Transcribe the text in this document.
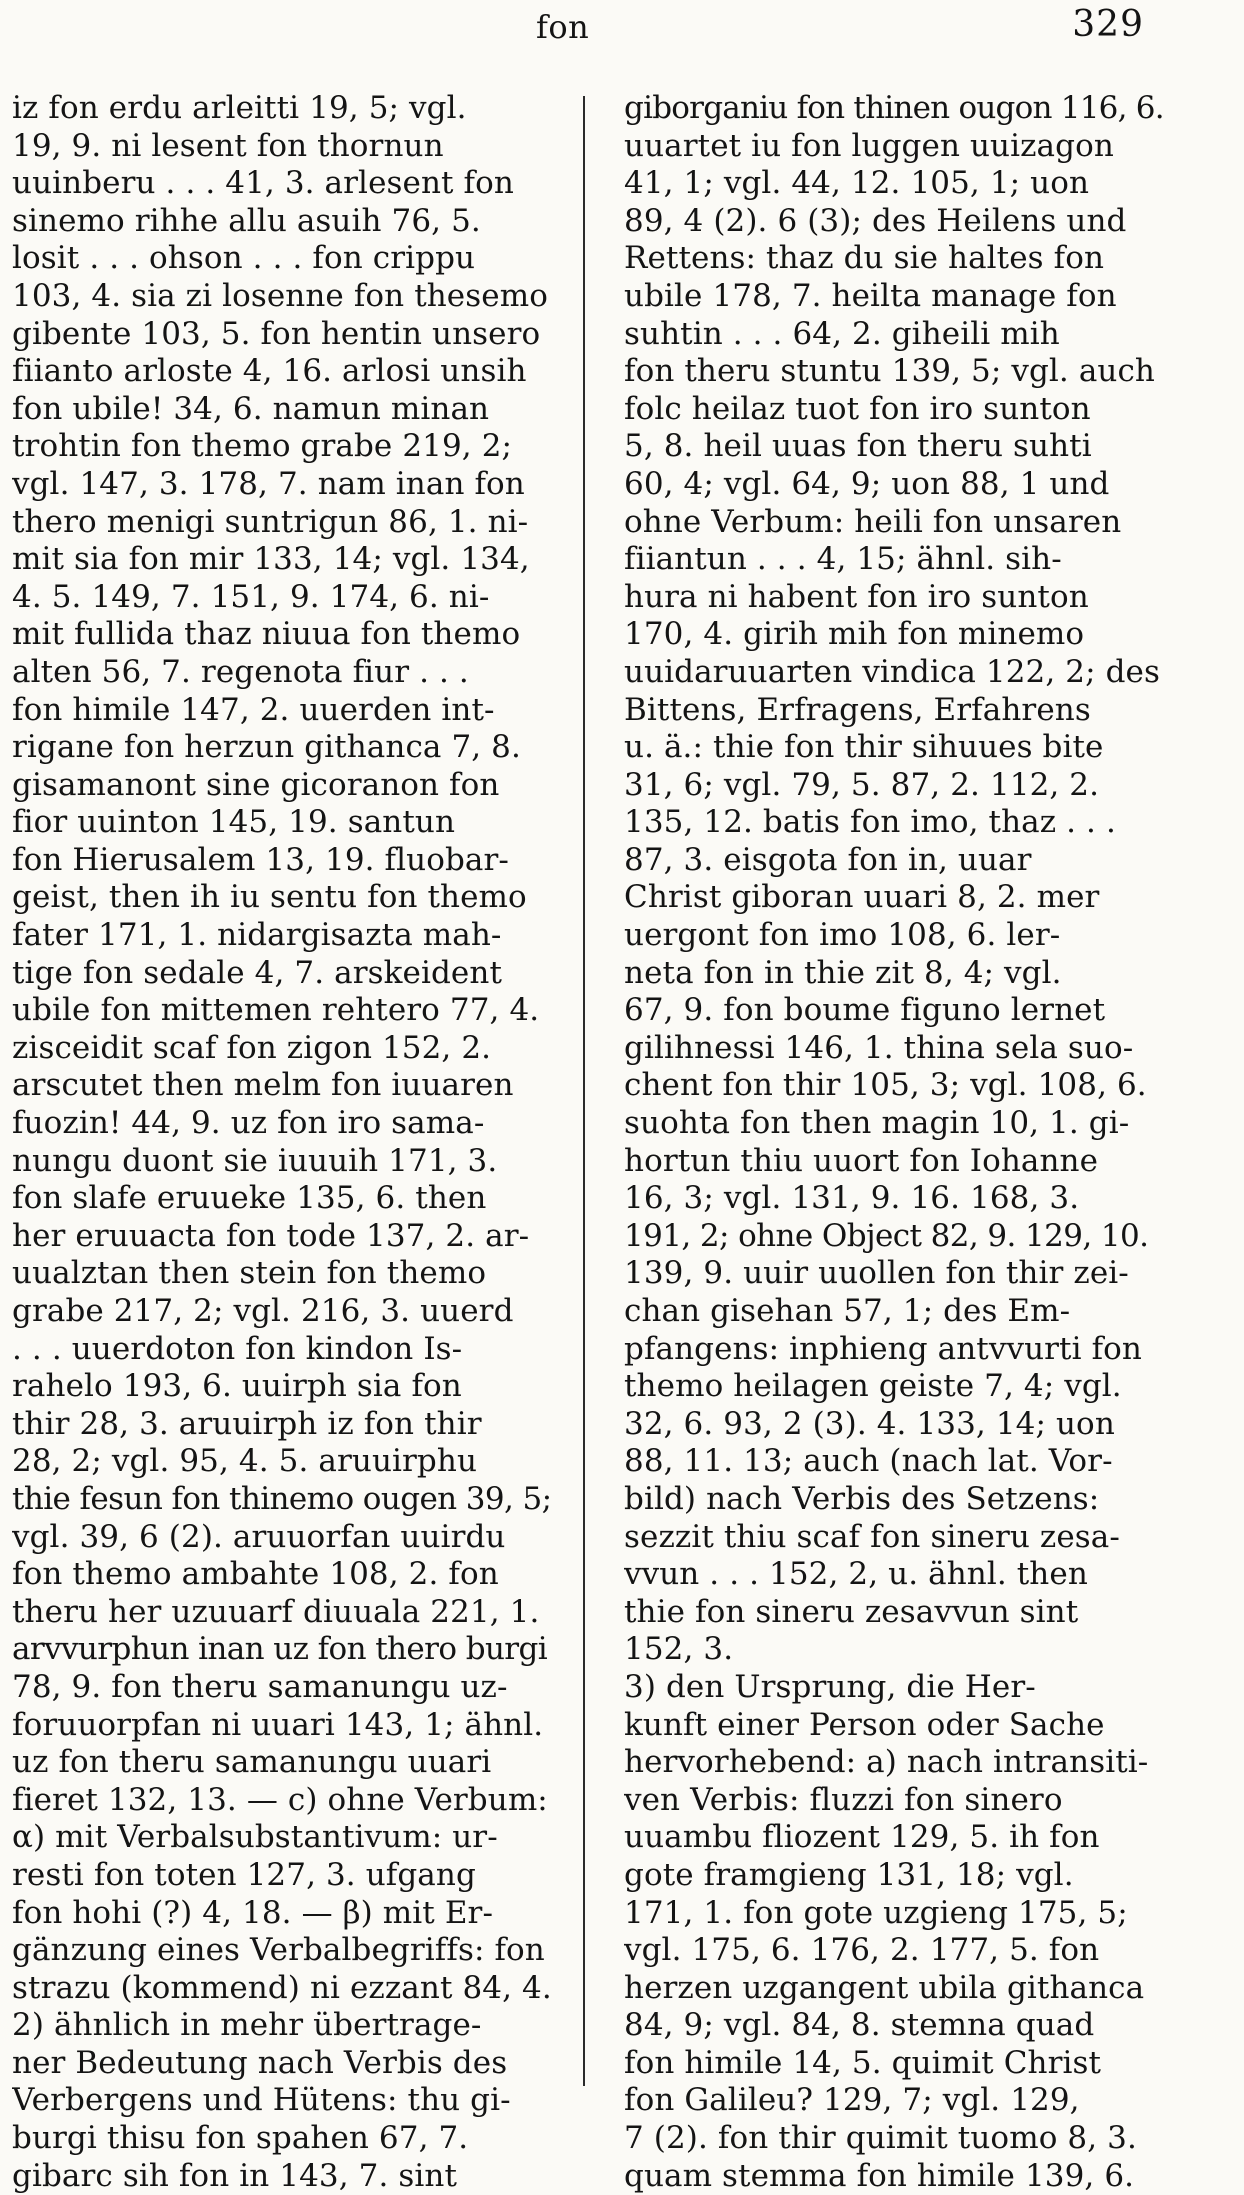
fon	329
iz fon erdu arleitti 19, 5; vgl.
19, 9. ni lesent fon thornun
uuinberu . . . 41, 3. arlesent fon
sinemo rihhe allu asuih 76, 5.
losit . . . ohson . . . fon crippu
103, 4. sia zi losenne fon thesemo
gibente 103, 5. fon hentin unsero
fiianto arloste 4, 16. arlosi unsih
fon ubile! 34, 6. namun minan
trohtin fon themo grabe 219, 2;
vgl. 147, 3. 178, 7. nam inan fon
thero menigi suntrigun 86, 1. ni-
mit sia fon mir 133, 14; vgl. 134,
4. 5. 149, 7. 151, 9. 174, 6. ni-
mit fullida thaz niuua fon themo
alten 56, 7. regenota fiur . . .
fon himile 147, 2. uuerden int-
rigane fon herzun githanca 7, 8.
gisamanont sine gicoranon fon
fior uuinton 145, 19. santun
fon Hierusalem 13, 19. fluobar-
geist, then ih iu sentu fon themo
fater 171, 1. nidargisazta mah-
tige fon sedale 4, 7. arskeident
ubile fon mittemen rehtero 77, 4.
zisceidit scaf fon zigon 152, 2.
arscutet then melm fon iuuaren
fuozin! 44, 9. uz fon iro sama-
nungu duont sie iuuuih 171, 3.
fon slafe eruueke 135, 6. then
her eruuacta fon tode 137, 2. ar-
uualztan then stein fon themo
grabe 217, 2; vgl. 216, 3. uuerd
. . . uuerdoton fon kindon Is-
rahelo 193, 6. uuirph sia fon
thir 28, 3. aruuirph iz fon thir
28, 2; vgl. 95, 4. 5. aruuirphu
thie fesun fon thinemo ougen 39, 5;
vgl. 39, 6 (2). aruuorfan uuirdu
fon themo ambahte 108, 2. fon
theru her uzuuarf diuuala 221, 1.
arvvurphun inan uz fon thero burgi
78, 9. fon theru samanungu uz-
foruuorpfan ni uuari 143, 1; ähnl.
uz fon theru samanungu uuari
fieret 132, 13. — c) ohne Verbum:
α) mit Verbalsubstantivum: ur-
resti fon toten 127, 3. ufgang
fon hohi (?) 4, 18. — β) mit Er-
gänzung eines Verbalbegriffs: fon
strazu (kommend) ni ezzant 84, 4.
2) ähnlich in mehr übertrage-
ner Bedeutung nach Verbis des
Verbergens und Hütens: thu gi-
burgi thisu fon spahen 67, 7.
gibarc sih fon in 143, 7. sint
giborganiu fon thinen ougon 116, 6.
uuartet iu fon luggen uuizagon
41, 1; vgl. 44, 12. 105, 1; uon
89, 4 (2). 6 (3); des Heilens und
Rettens: thaz du sie haltes fon
ubile 178, 7. heilta manage fon
suhtin . . . 64, 2. giheili mih
fon theru stuntu 139, 5; vgl. auch
folc heilaz tuot fon iro sunton
5, 8. heil uuas fon theru suhti
60, 4; vgl. 64, 9; uon 88, 1 und
ohne Verbum: heili fon unsaren
fiiantun . . . 4, 15; ähnl. sih-
hura ni habent fon iro sunton
170, 4. girih mih fon minemo
uuidaruuarten vindica 122, 2; des
Bittens, Erfragens, Erfahrens
u. ä.: thie fon thir sihuues bite
31, 6; vgl. 79, 5. 87, 2. 112, 2.
135, 12. batis fon imo, thaz . . .
87, 3. eisgota fon in, uuar
Christ giboran uuari 8, 2. mer
uergont fon imo 108, 6. ler-
neta fon in thie zit 8, 4; vgl.
67, 9. fon boume figuno lernet
gilihnessi 146, 1. thina sela suo-
chent fon thir 105, 3; vgl. 108, 6.
suohta fon then magin 10, 1. gi-
hortun thiu uuort fon Iohanne
16, 3; vgl. 131, 9. 16. 168, 3.
191, 2; ohne Object 82, 9. 129, 10.
139, 9. uuir uuollen fon thir zei-
chan gisehan 57, 1; des Em-
pfangens: inphieng antvvurti fon
themo heilagen geiste 7, 4; vgl.
32, 6. 93, 2 (3). 4. 133, 14; uon
88, 11. 13; auch (nach lat. Vor-
bild) nach Verbis des Setzens:
sezzit thiu scaf fon sineru zesa-
vvun . . . 152, 2, u. ähnl. then
thie fon sineru zesavvun sint
152, 3.
3) den Ursprung, die Her-
kunft einer Person oder Sache
hervorhebend: a) nach intransiti-
ven Verbis: fluzzi fon sinero
uuambu fliozent 129, 5. ih fon
gote framgieng 131, 18; vgl.
171, 1. fon gote uzgieng 175, 5;
vgl. 175, 6. 176, 2. 177, 5. fon
herzen uzgangent ubila githanca
84, 9; vgl. 84, 8. stemna quad
fon himile 14, 5. quimit Christ
fon Galileu? 129, 7; vgl. 129,
7 (2). fon thir quimit tuomo 8, 3.
quam stemma fon himile 139, 6.
